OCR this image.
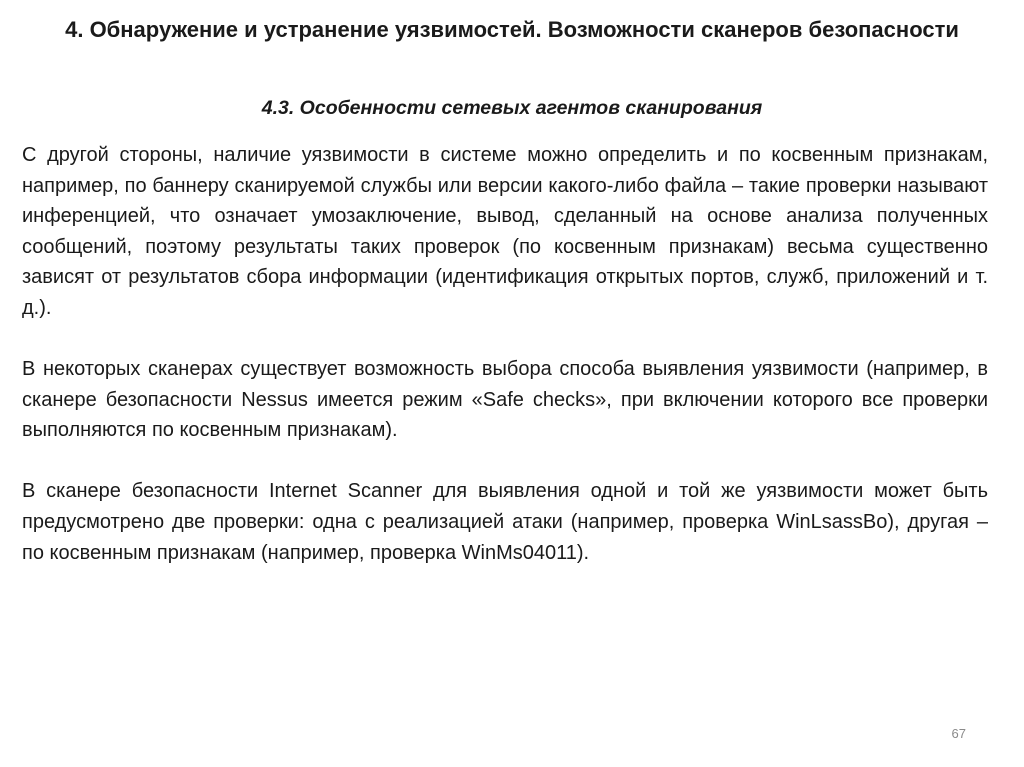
4. Обнаружение и устранение уязвимостей. Возможности сканеров безопасности
4.3. Особенности сетевых агентов сканирования

С другой стороны, наличие уязвимости в системе можно определить и по косвенным признакам, например, по баннеру сканируемой службы или версии какого-либо файла – такие проверки называют инференцией, что означает умозаключение, вывод, сделанный на основе анализа полученных сообщений, поэтому результаты таких проверок (по косвенным признакам) весьма существенно зависят от результатов сбора информации (идентификация открытых портов, служб, приложений и т. д.).

В некоторых сканерах существует возможность выбора способа выявления уязвимости (например, в сканере безопасности Nessus имеется режим «Safe checks», при включении которого все проверки выполняются по косвенным признакам).

В сканере безопасности Internet Scanner для выявления одной и той же уязвимости может быть предусмотрено две проверки: одна с реализацией атаки (например, проверка WinLsassBo), другая – по косвенным признакам (например, проверка WinMs04011).

67
